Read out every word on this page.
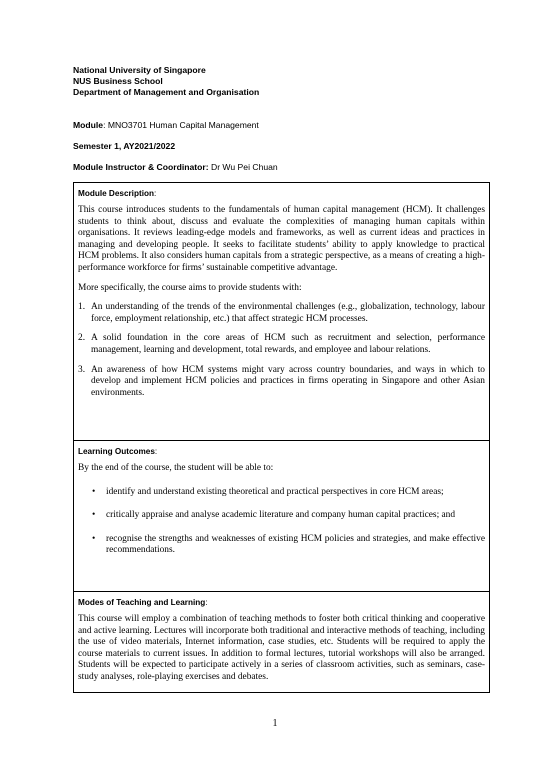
National University of Singapore
NUS Business School
Department of Management and Organisation
Module: MNO3701 Human Capital Management
Semester 1, AY2021/2022
Module Instructor & Coordinator: Dr Wu Pei Chuan
Module Description:

This course introduces students to the fundamentals of human capital management (HCM). It challenges students to think about, discuss and evaluate the complexities of managing human capitals within organisations. It reviews leading-edge models and frameworks, as well as current ideas and practices in managing and developing people. It seeks to facilitate students’ ability to apply knowledge to practical HCM problems. It also considers human capitals from a strategic perspective, as a means of creating a high-performance workforce for firms’ sustainable competitive advantage.

More specifically, the course aims to provide students with:

1. An understanding of the trends of the environmental challenges (e.g., globalization, technology, labour force, employment relationship, etc.) that affect strategic HCM processes.
2. A solid foundation in the core areas of HCM such as recruitment and selection, performance management, learning and development, total rewards, and employee and labour relations.
3. An awareness of how HCM systems might vary across country boundaries, and ways in which to develop and implement HCM policies and practices in firms operating in Singapore and other Asian environments.
Learning Outcomes:

By the end of the course, the student will be able to:

• identify and understand existing theoretical and practical perspectives in core HCM areas;
• critically appraise and analyse academic literature and company human capital practices; and
• recognise the strengths and weaknesses of existing HCM policies and strategies, and make effective recommendations.
Modes of Teaching and Learning:

This course will employ a combination of teaching methods to foster both critical thinking and cooperative and active learning. Lectures will incorporate both traditional and interactive methods of teaching, including the use of video materials, Internet information, case studies, etc. Students will be required to apply the course materials to current issues. In addition to formal lectures, tutorial workshops will also be arranged. Students will be expected to participate actively in a series of classroom activities, such as seminars, case-study analyses, role-playing exercises and debates.

1
